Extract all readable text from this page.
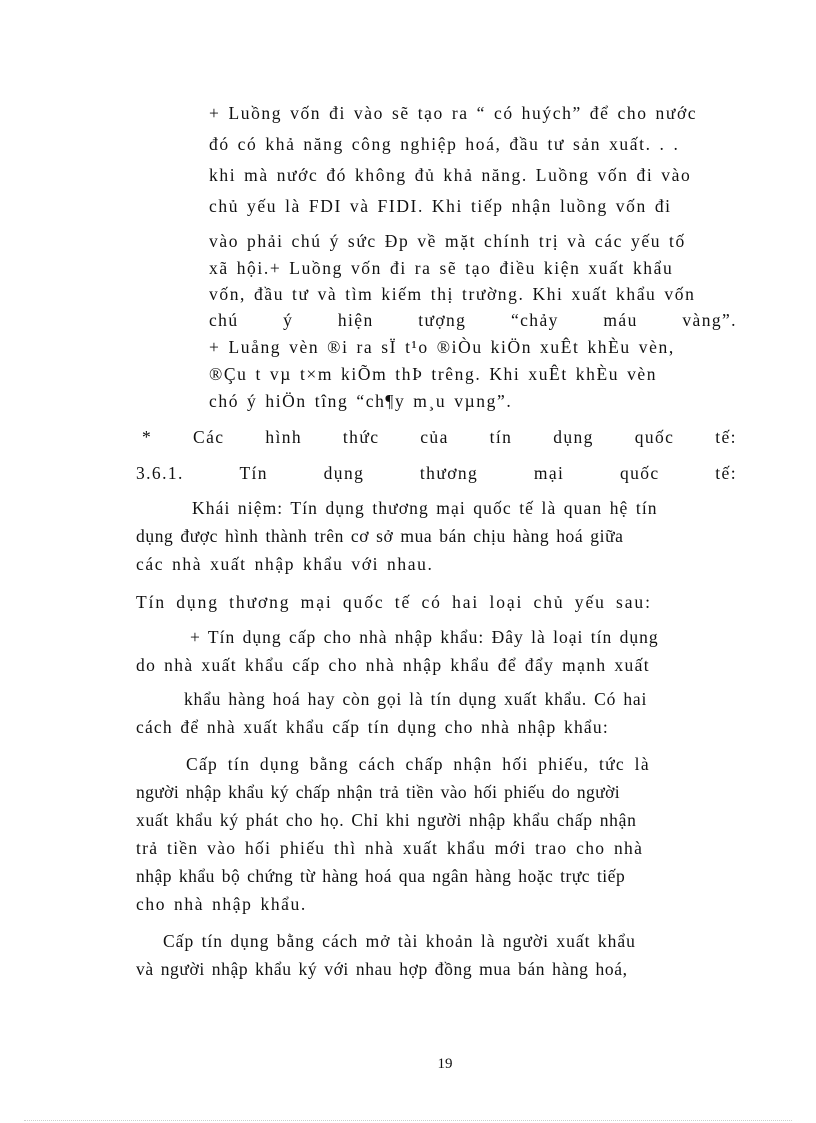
+ Luồng vốn đi vào sẽ tạo ra “ có huých” để cho nước
đó có khả năng công nghiệp hoá, đầu tư sản xuất. . .
khi mà nước đó không đủ khả năng. Luồng vốn đi vào
chủ yếu là FDI và FIDI. Khi tiếp nhận luồng vốn đi
vào phải chú ý sức Ðp về mặt chính trị và các yếu tố
xã hội.+ Luồng vốn đi ra sẽ tạo điều kiện xuất khẩu
vốn, đầu tư và tìm kiếm thị trường. Khi xuất khẩu vốn
chú	ý	hiện	tượng	“chảy	máu	vàng”.
+ Luång vèn ®i ra sÏ t¹o ®iÒu kiÖn xuÊt khÈu vèn,
®Çu t vµ t×m kiÕm thÞ trêng. Khi xuÊt khÈu vèn
chó ý hiÖn tîng “ch¶y m¸u vµng”.
* Các hình thức của tín dụng quốc tế:
3.6.1.	Tín	dụng	thương	mại	quốc	tế:
Khái niệm: Tín dụng thương mại quốc tế là quan hệ tín
dụng được hình thành trên cơ sở mua bán chịu hàng hoá giữa
các nhà xuất nhập khẩu với nhau.
Tín dụng thương mại quốc tế có hai loại chủ yếu sau:
+ Tín dụng cấp cho nhà nhập khẩu: Đây là loại tín dụng
do nhà xuất khẩu cấp cho nhà nhập khẩu để đẩy mạnh xuất
khẩu hàng hoá hay còn gọi là tín dụng xuất khẩu. Có hai
cách để nhà xuất khẩu cấp tín dụng cho nhà nhập khẩu:
Cấp tín dụng bằng cách chấp nhận hối phiếu, tức là
người nhập khẩu ký chấp nhận trả tiền vào hối phiếu do người
xuất khẩu ký phát cho họ. Chỉ khi người nhập khẩu chấp nhận
trả tiền vào hối phiếu thì nhà xuất khẩu mới trao cho nhà
nhập khẩu bộ chứng từ hàng hoá qua ngân hàng hoặc trực tiếp
cho nhà nhập khẩu.
Cấp tín dụng bằng cách mở tài khoản là người xuất khẩu
và người nhập khẩu ký với nhau hợp đồng mua bán hàng hoá,
19
